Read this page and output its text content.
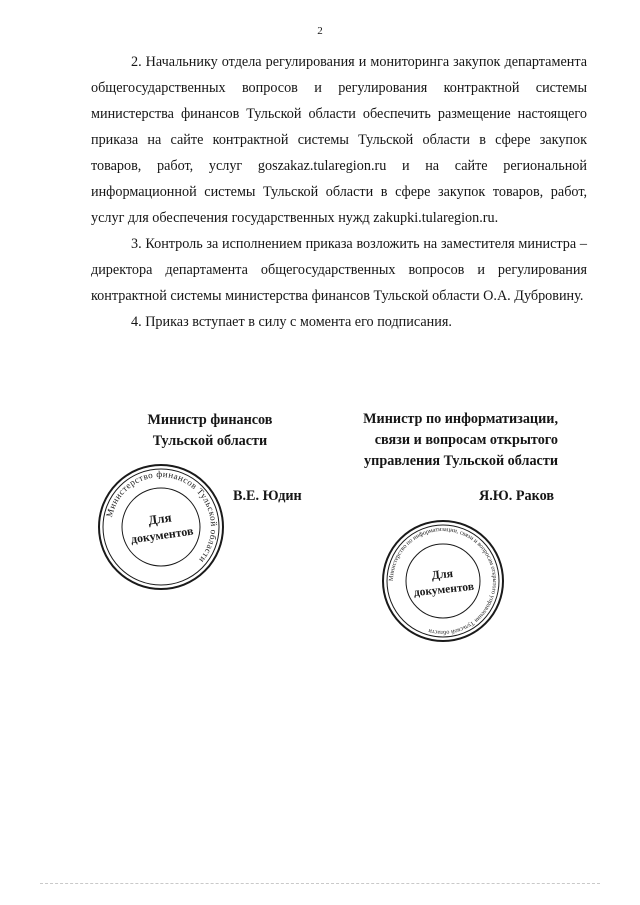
2

2. Начальнику отдела регулирования и мониторинга закупок департамента общегосударственных вопросов и регулирования контрактной системы министерства финансов Тульской области обеспечить размещение настоящего приказа на сайте контрактной системы Тульской области в сфере закупок товаров, работ, услуг goszakaz.tularegion.ru и на сайте региональной информационной системы Тульской области в сфере закупок товаров, работ, услуг для обеспечения государственных нужд zakupki.tularegion.ru.

3. Контроль за исполнением приказа возложить на заместителя министра – директора департамента общегосударственных вопросов и регулирования контрактной системы министерства финансов Тульской области О.А. Дубровину.

4. Приказ вступает в силу с момента его подписания.

Министр финансов
Тульской области
Министр по информатизации,
связи и вопросам открытого
управления Тульской области
Министерство финансов Тульской области
Для
документов
В.Е. Юдин	Я.Ю. Раков
Министерство по информатизации, связи и вопросам открытого управления Тульской области
Для
документов
